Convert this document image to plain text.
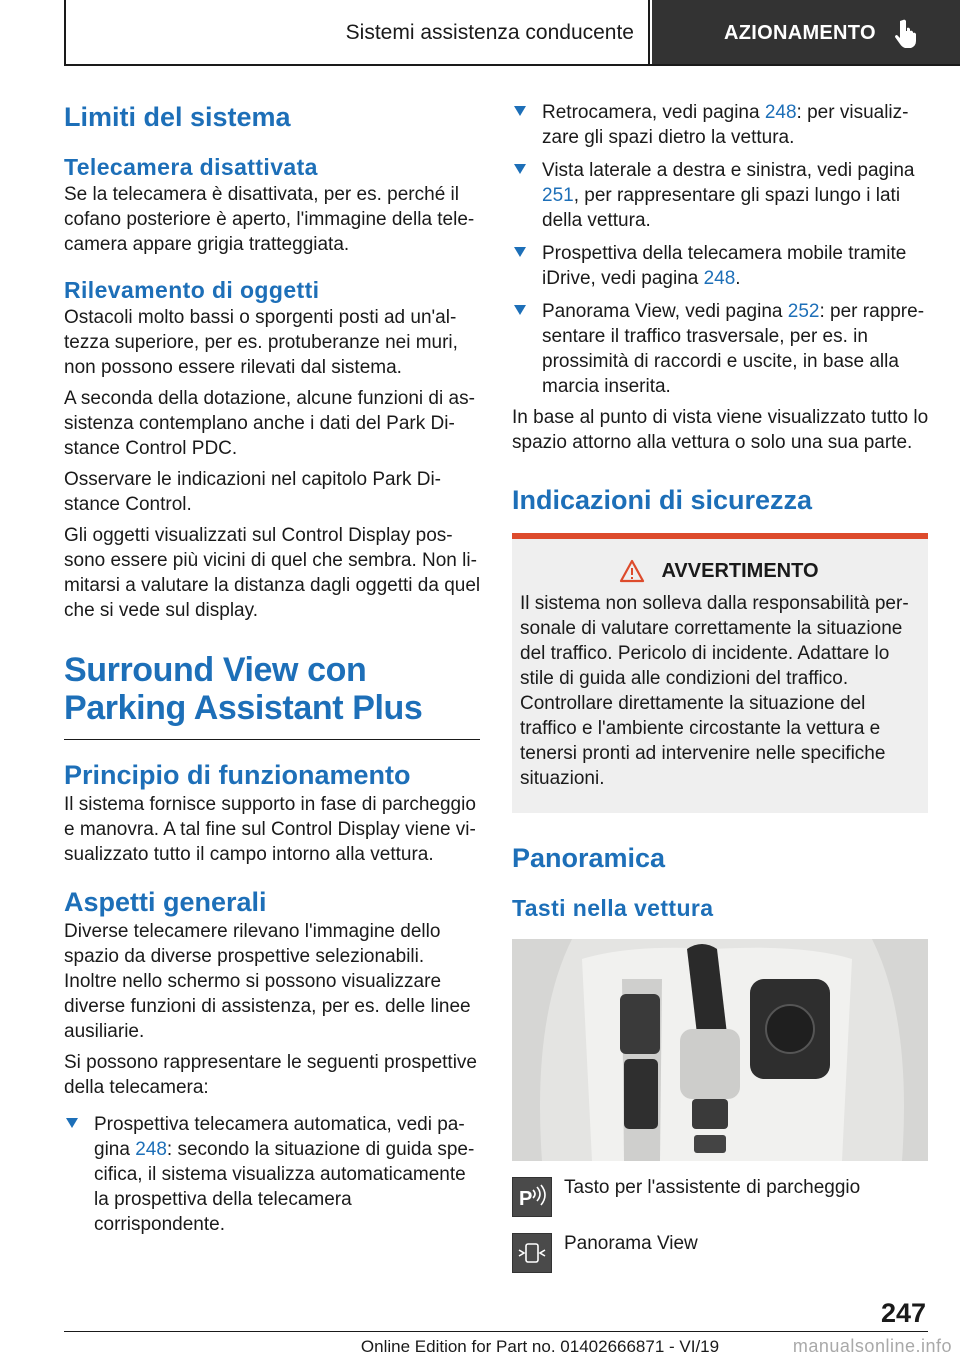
Sistemi assistenza conducente	AZIONAMENTO
Limiti del sistema
Telecamera disattivata

Se la telecamera è disattivata, per es. perché il cofano posteriore è aperto, l'immagine della telecamera appare grigia tratteggiata.

Rilevamento di oggetti

Ostacoli molto bassi o sporgenti posti ad un'altezza superiore, per es. protuberanze nei muri, non possono essere rilevati dal sistema.

A seconda della dotazione, alcune funzioni di assistenza contemplano anche i dati del Park Distance Control PDC.

Osservare le indicazioni nel capitolo Park Distance Control.

Gli oggetti visualizzati sul Control Display possono essere più vicini di quel che sembra. Non limitarsi a valutare la distanza dagli oggetti da quel che si vede sul display.

Surround View con Parking Assistant Plus
Principio di funzionamento

Il sistema fornisce supporto in fase di parcheggio e manovra. A tal fine sul Control Display viene visualizzato tutto il campo intorno alla vettura.

Aspetti generali

Diverse telecamere rilevano l'immagine dello spazio da diverse prospettive selezionabili. Inoltre nello schermo si possono visualizzare diverse funzioni di assistenza, per es. delle linee ausiliarie.

Si possono rappresentare le seguenti prospettive della telecamera:

Prospettiva telecamera automatica, vedi pagina 248: secondo la situazione di guida specifica, il sistema visualizza automaticamente la prospettiva della telecamera corrispondente.
Retrocamera, vedi pagina 248: per visualizzare gli spazi dietro la vettura.
Vista laterale a destra e sinistra, vedi pagina 251, per rappresentare gli spazi lungo i lati della vettura.
Prospettiva della telecamera mobile tramite iDrive, vedi pagina 248.
Panorama View, vedi pagina 252: per rappresentare il traffico trasversale, per es. in prossimità di raccordi e uscite, in base alla marcia inserita.

In base al punto di vista viene visualizzato tutto lo spazio attorno alla vettura o solo una sua parte.

Indicazioni di sicurezza
AVVERTIMENTO

Il sistema non solleva dalla responsabilità personale di valutare correttamente la situazione del traffico. Pericolo di incidente. Adattare lo stile di guida alle condizioni del traffico. Controllare direttamente la situazione del traffico e l'ambiente circostante la vettura e tenersi pronti ad intervenire nelle specifiche situazioni.

Panoramica
Tasti nella vettura
P

Tasto per l'assistente di parcheggio

Panorama View

247
Online Edition for Part no. 01402666871 - VI/19	manualsonline.info
